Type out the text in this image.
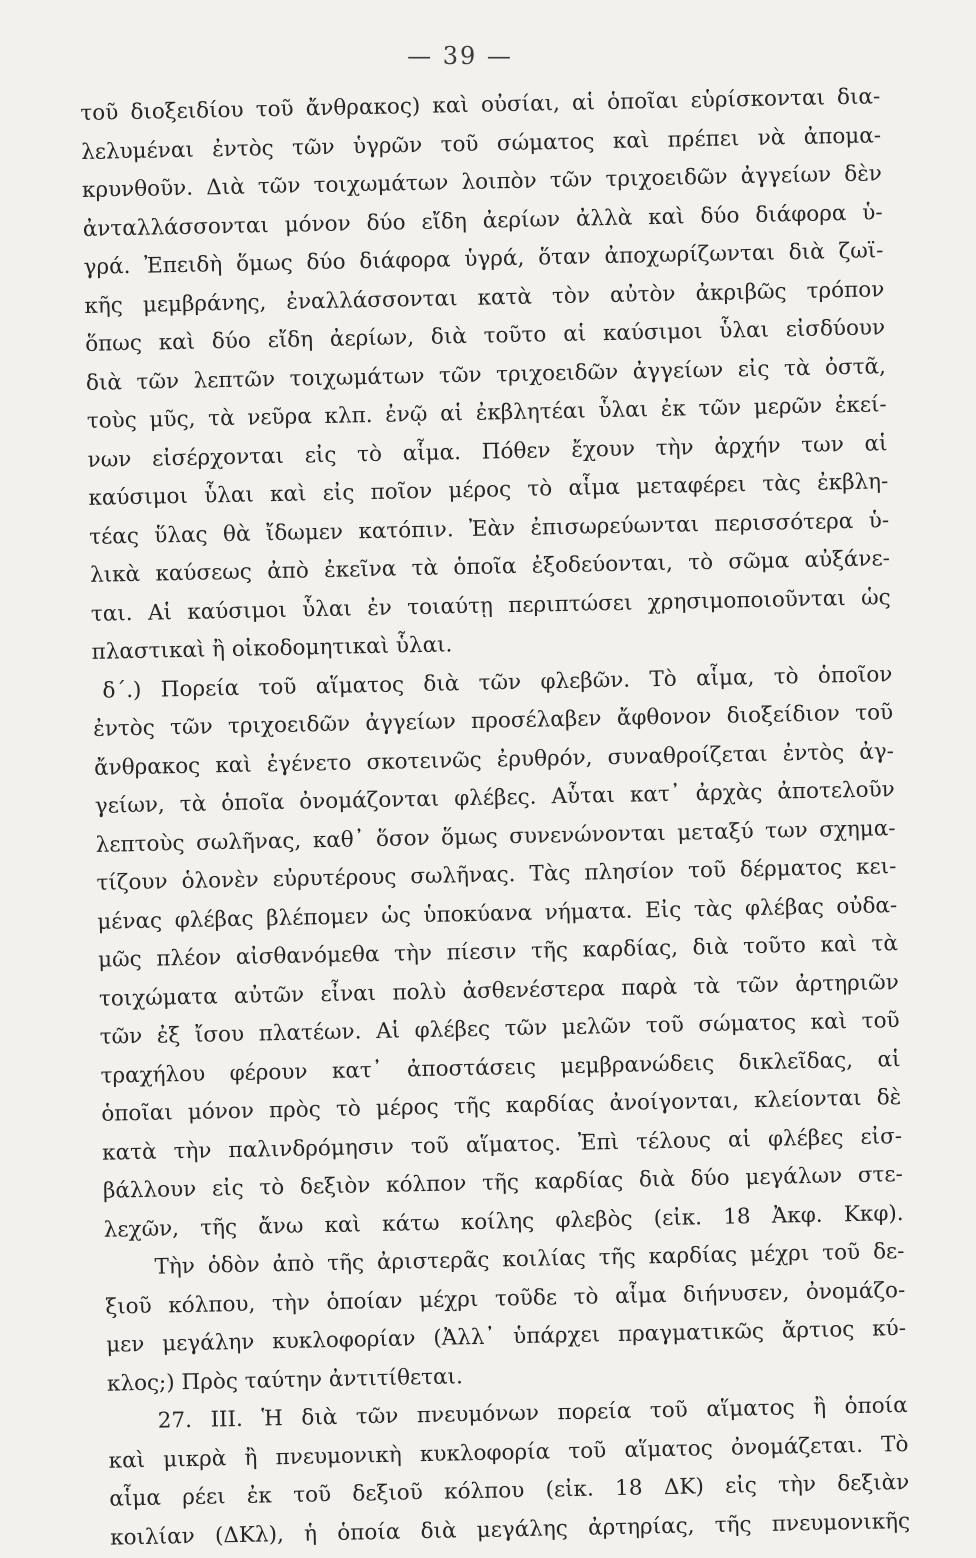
— 39 —
τοῦ διοξειδίου τοῦ ἄνθρακος) καὶ οὐσίαι, αἱ ὁποῖαι εὑρίσκονται δια-
λελυμέναι ἐντὸς τῶν ὑγρῶν τοῦ σώματος καὶ πρέπει νὰ ἀπομα-
κρυνθοῦν. Διὰ τῶν τοιχωμάτων λοιπὸν τῶν τριχοειδῶν ἀγγείων δὲν
ἀνταλλάσσονται μόνον δύο εἴδη ἀερίων ἀλλὰ καὶ δύο διάφορα ὑ-
γρά. Ἐπειδὴ ὅμως δύο διάφορα ὑγρά, ὅταν ἀποχωρίζωνται διὰ ζωϊ-
κῆς μεμβράνης, ἐναλλάσσονται κατὰ τὸν αὐτὸν ἀκριβῶς τρόπον
ὅπως καὶ δύο εἴδη ἀερίων, διὰ τοῦτο αἱ καύσιμοι ὗλαι εἰσδύουν
διὰ τῶν λεπτῶν τοιχωμάτων τῶν τριχοειδῶν ἀγγείων εἰς τὰ ὀστᾶ,
τοὺς μῦς, τὰ νεῦρα κλπ. ἐνῷ αἱ ἐκβλητέαι ὗλαι ἐκ τῶν μερῶν ἐκεί-
νων εἰσέρχονται εἰς τὸ αἷμα. Πόθεν ἔχουν τὴν ἀρχήν των αἱ
καύσιμοι ὗλαι καὶ εἰς ποῖον μέρος τὸ αἷμα μεταφέρει τὰς ἐκβλη-
τέας ὕλας θὰ ἴδωμεν κατόπιν. Ἐὰν ἐπισωρεύωνται περισσότερα ὑ-
λικὰ καύσεως ἀπὸ ἐκεῖνα τὰ ὁποῖα ἐξοδεύονται, τὸ σῶμα αὐξάνε-
ται. Αἱ καύσιμοι ὗλαι ἐν τοιαύτῃ περιπτώσει χρησιμοποιοῦνται ὡς
πλαστικαὶ ἢ οἰκοδομητικαὶ ὗλαι.
δ΄.) Πορεία τοῦ αἵματος διὰ τῶν φλεβῶν. Τὸ αἷμα, τὸ ὁποῖον
ἐντὸς τῶν τριχοειδῶν ἀγγείων προσέλαβεν ἄφθονον διοξείδιον τοῦ
ἄνθρακος καὶ ἐγένετο σκοτεινῶς ἐρυθρόν, συναθροίζεται ἐντὸς ἀγ-
γείων, τὰ ὁποῖα ὀνομάζονται φλέβες. Αὗται κατ᾽ ἀρχὰς ἀποτελοῦν
λεπτοὺς σωλῆνας, καθ᾽ ὅσον ὅμως συνενώνονται μεταξύ των σχημα-
τίζουν ὁλονὲν εὐρυτέρους σωλῆνας. Τὰς πλησίον τοῦ δέρματος κει-
μένας φλέβας βλέπομεν ὡς ὑποκύανα νήματα. Εἰς τὰς φλέβας οὐδα-
μῶς πλέον αἰσθανόμεθα τὴν πίεσιν τῆς καρδίας, διὰ τοῦτο καὶ τὰ
τοιχώματα αὐτῶν εἶναι πολὺ ἀσθενέστερα παρὰ τὰ τῶν ἀρτηριῶν
τῶν ἐξ ἴσου πλατέων. Αἱ φλέβες τῶν μελῶν τοῦ σώματος καὶ τοῦ
τραχήλου φέρουν κατ᾽ ἀποστάσεις μεμβρανώδεις δικλεῖδας, αἱ
ὁποῖαι μόνον πρὸς τὸ μέρος τῆς καρδίας ἀνοίγονται, κλείονται δὲ
κατὰ τὴν παλινδρόμησιν τοῦ αἵματος. Ἐπὶ τέλους αἱ φλέβες εἰσ-
βάλλουν εἰς τὸ δεξιὸν κόλπον τῆς καρδίας διὰ δύο μεγάλων στε-
λεχῶν, τῆς ἄνω καὶ κάτω κοίλης φλεβὸς (εἰκ. 18 Ἀκφ. Κκφ).
Τὴν ὁδὸν ἀπὸ τῆς ἀριστερᾶς κοιλίας τῆς καρδίας μέχρι τοῦ δε-
ξιοῦ κόλπου, τὴν ὁποίαν μέχρι τοῦδε τὸ αἷμα διήνυσεν, ὀνομάζο-
μεν μεγάλην κυκλοφορίαν (Ἀλλ᾽ ὑπάρχει πραγματικῶς ἄρτιος κύ-
κλος;) Πρὸς ταύτην ἀντιτίθεται.
27. ΙΙΙ. Ἡ διὰ τῶν πνευμόνων πορεία τοῦ αἵματος ἢ ὁποία
καὶ μικρὰ ἢ πνευμονικὴ κυκλοφορία τοῦ αἵματος ὀνομάζεται. Τὸ
αἷμα ρέει ἐκ τοῦ δεξιοῦ κόλπου (εἰκ. 18 ΔΚ) εἰς τὴν δεξιὰν
κοιλίαν (ΔΚλ), ἡ ὁποία διὰ μεγάλης ἀρτηρίας, τῆς πνευμονικῆς
